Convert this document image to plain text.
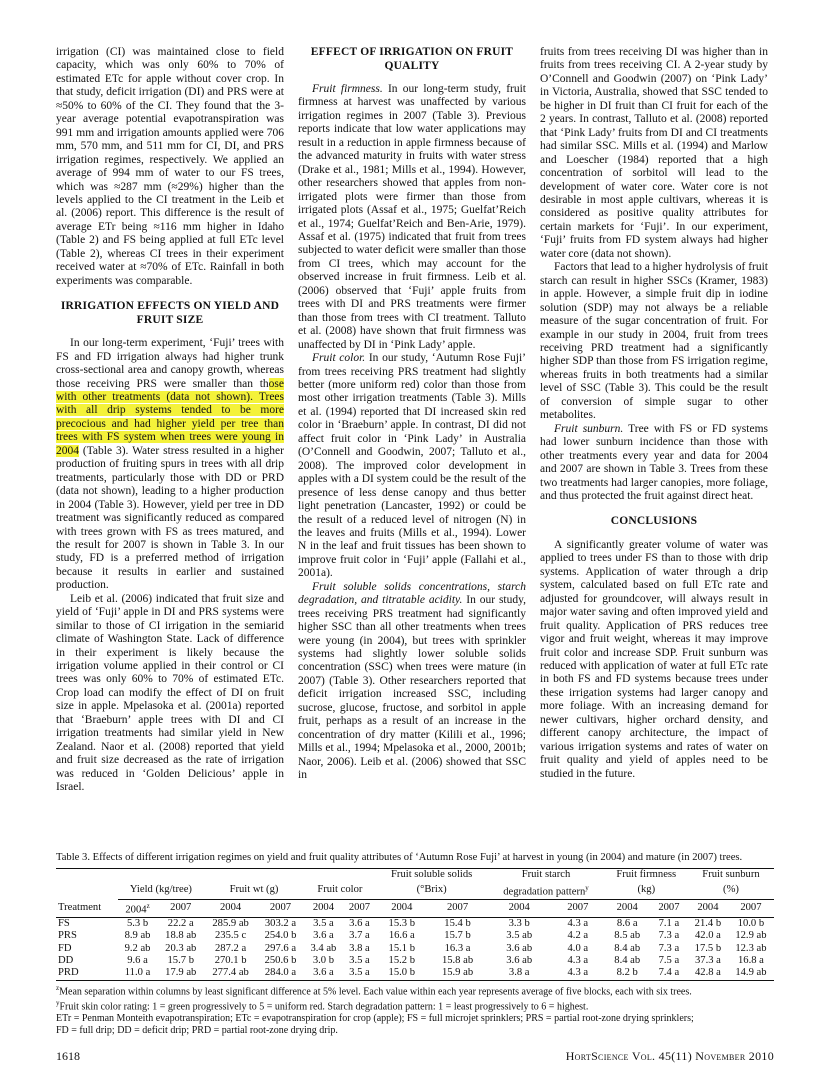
irrigation (CI) was maintained close to field capacity, which was only 60% to 70% of estimated ETc for apple without cover crop. In that study, deficit irrigation (DI) and PRS were at ≈50% to 60% of the CI. They found that the 3-year average potential evapotranspiration was 991 mm and irrigation amounts applied were 706 mm, 570 mm, and 511 mm for CI, DI, and PRS irrigation regimes, respectively. We applied an average of 994 mm of water to our FS trees, which was ≈287 mm (≈29%) higher than the levels applied to the CI treatment in the Leib et al. (2006) report. This difference is the result of average ETr being ≈116 mm higher in Idaho (Table 2) and FS being applied at full ETc level (Table 2), whereas CI trees in their experiment received water at ≈70% of ETc. Rainfall in both experiments was comparable.

IRRIGATION EFFECTS ON YIELD AND FRUIT SIZE

In our long-term experiment, ‘Fuji’ trees with FS and FD irrigation always had higher trunk cross-sectional area and canopy growth, whereas those receiving PRS were smaller than those with other treatments (data not shown). Trees with all drip systems tended to be more precocious and had higher yield per tree than trees with FS system when trees were young in 2004 (Table 3). Water stress resulted in a higher production of fruiting spurs in trees with all drip treatments, particularly those with DD or PRD (data not shown), leading to a higher production in 2004 (Table 3). However, yield per tree in DD treatment was significantly reduced as compared with trees grown with FS as trees matured, and the result for 2007 is shown in Table 3. In our study, FD is a preferred method of irrigation because it results in earlier and sustained production.

Leib et al. (2006) indicated that fruit size and yield of ‘Fuji’ apple in DI and PRS systems were similar to those of CI irrigation in the semiarid climate of Washington State. Lack of difference in their experiment is likely because the irrigation volume applied in their control or CI trees was only 60% to 70% of estimated ETc. Crop load can modify the effect of DI on fruit size in apple. Mpelasoka et al. (2001a) reported that ‘Braeburn’ apple trees with DI and CI irrigation treatments had similar yield in New Zealand. Naor et al. (2008) reported that yield and fruit size decreased as the rate of irrigation was reduced in ‘Golden Delicious’ apple in Israel.

EFFECT OF IRRIGATION ON FRUIT QUALITY

Fruit firmness. In our long-term study, fruit firmness at harvest was unaffected by various irrigation regimes in 2007 (Table 3). Previous reports indicate that low water applications may result in a reduction in apple firmness because of the advanced maturity in fruits with water stress (Drake et al., 1981; Mills et al., 1994). However, other researchers showed that apples from non-irrigated plots were firmer than those from irrigated plots (Assaf et al., 1975; Guelfat’Reich et al., 1974; Guelfat’Reich and Ben-Arie, 1979). Assaf et al. (1975) indicated that fruit from trees subjected to water deficit were smaller than those from CI trees, which may account for the observed increase in fruit firmness. Leib et al. (2006) observed that ‘Fuji’ apple fruits from trees with DI and PRS treatments were firmer than those from trees with CI treatment. Talluto et al. (2008) have shown that fruit firmness was unaffected by DI in ‘Pink Lady’ apple.

Fruit color. In our study, ‘Autumn Rose Fuji’ from trees receiving PRS treatment had slightly better (more uniform red) color than those from most other irrigation treatments (Table 3). Mills et al. (1994) reported that DI increased skin red color in ‘Braeburn’ apple. In contrast, DI did not affect fruit color in ‘Pink Lady’ in Australia (O’Connell and Goodwin, 2007; Talluto et al., 2008). The improved color development in apples with a DI system could be the result of the presence of less dense canopy and thus better light penetration (Lancaster, 1992) or could be the result of a reduced level of nitrogen (N) in the leaves and fruits (Mills et al., 1994). Lower N in the leaf and fruit tissues has been shown to improve fruit color in ‘Fuji’ apple (Fallahi et al., 2001a).

Fruit soluble solids concentrations, starch degradation, and titratable acidity. In our study, trees receiving PRS treatment had significantly higher SSC than all other treatments when trees were young (in 2004), but trees with sprinkler systems had slightly lower soluble solids concentration (SSC) when trees were mature (in 2007) (Table 3). Other researchers reported that deficit irrigation increased SSC, including sucrose, glucose, fructose, and sorbitol in apple fruit, perhaps as a result of an increase in the concentration of dry matter (Kilili et al., 1996; Mills et al., 1994; Mpelasoka et al., 2000, 2001b; Naor, 2006). Leib et al. (2006) showed that SSC in

fruits from trees receiving DI was higher than in fruits from trees receiving CI. A 2-year study by O’Connell and Goodwin (2007) on ‘Pink Lady’ in Victoria, Australia, showed that SSC tended to be higher in DI fruit than CI fruit for each of the 2 years. In contrast, Talluto et al. (2008) reported that ‘Pink Lady’ fruits from DI and CI treatments had similar SSC. Mills et al. (1994) and Marlow and Loescher (1984) reported that a high concentration of sorbitol will lead to the development of water core. Water core is not desirable in most apple cultivars, whereas it is considered as positive quality attributes for certain markets for ‘Fuji’. In our experiment, ‘Fuji’ fruits from FD system always had higher water core (data not shown).

Factors that lead to a higher hydrolysis of fruit starch can result in higher SSCs (Kramer, 1983) in apple. However, a simple fruit dip in iodine solution (SDP) may not always be a reliable measure of the sugar concentration of fruit. For example in our study in 2004, fruit from trees receiving PRD treatment had a significantly higher SDP than those from FS irrigation regime, whereas fruits in both treatments had a similar level of SSC (Table 3). This could be the result of conversion of simple sugar to other metabolites.

Fruit sunburn. Tree with FS or FD systems had lower sunburn incidence than those with other treatments every year and data for 2004 and 2007 are shown in Table 3. Trees from these two treatments had larger canopies, more foliage, and thus protected the fruit against direct heat.

CONCLUSIONS

A significantly greater volume of water was applied to trees under FS than to those with drip systems. Application of water through a drip system, calculated based on full ETc rate and adjusted for groundcover, will always result in major water saving and often improved yield and fruit quality. Application of PRS reduces tree vigor and fruit weight, whereas it may improve fruit color and increase SDP. Fruit sunburn was reduced with application of water at full ETc rate in both FS and FD systems because trees under these irrigation systems had larger canopy and more foliage. With an increasing demand for newer cultivars, higher orchard density, and different canopy architecture, the impact of various irrigation systems and rates of water on fruit quality and yield of apples need to be studied in the future.

Table 3. Effects of different irrigation regimes on yield and fruit quality attributes of ‘Autumn Rose Fuji’ at harvest in young (in 2004) and mature (in 2007) trees.
							Fruit soluble solids		Fruit starch		Fruit firmness		Fruit sunburn	
	Yield (kg/tree)		Fruit wt (g)		Fruit color		(°Brix)		degradation pattern$^y$		(kg)		(%)	
Treatment	2004$^z$	2007	2004	2007	2004	2007	2004	2007	2004	2007	2004	2007	2004	2007
FS	5.3 b	22.2 a	285.9 ab	303.2 a	3.5 a	3.6 a	15.3 b	15.4 b	3.3 b	4.3 a	8.6 a	7.1 a	21.4 b	10.0 b
PRS	8.9 ab	18.8 ab	235.5 c	254.0 b	3.6 a	3.7 a	16.6 a	15.7 b	3.5 ab	4.2 a	8.5 ab	7.3 a	42.0 a	12.9 ab
FD	9.2 ab	20.3 ab	287.2 a	297.6 a	3.4 ab	3.8 a	15.1 b	16.3 a	3.6 ab	4.0 a	8.4 ab	7.3 a	17.5 b	12.3 ab
DD	9.6 a	15.7 b	270.1 b	250.6 b	3.0 b	3.5 a	15.2 b	15.8 ab	3.6 ab	4.3 a	8.4 ab	7.5 a	37.3 a	16.8 a
PRD	11.0 a	17.9 ab	277.4 ab	284.0 a	3.6 a	3.5 a	15.0 b	15.9 ab	3.8 a	4.3 a	8.2 b	7.4 a	42.8 a	14.9 ab
$^z$Mean separation within columns by least significant difference at 5% level. Each value within each year represents average of five blocks, each with six trees.
$^y$Fruit skin color rating: 1 = green progressively to 5 = uniform red. Starch degradation pattern: 1 = least progressively to 6 = highest.
ETr = Penman Monteith evapotranspiration; ETc = evapotranspiration for crop (apple); FS = full microjet sprinklers; PRS = partial root-zone drying sprinklers;
FD = full drip; DD = deficit drip; PRD = partial root-zone drying drip.
1618	HortScience Vol. 45(11) November 2010
